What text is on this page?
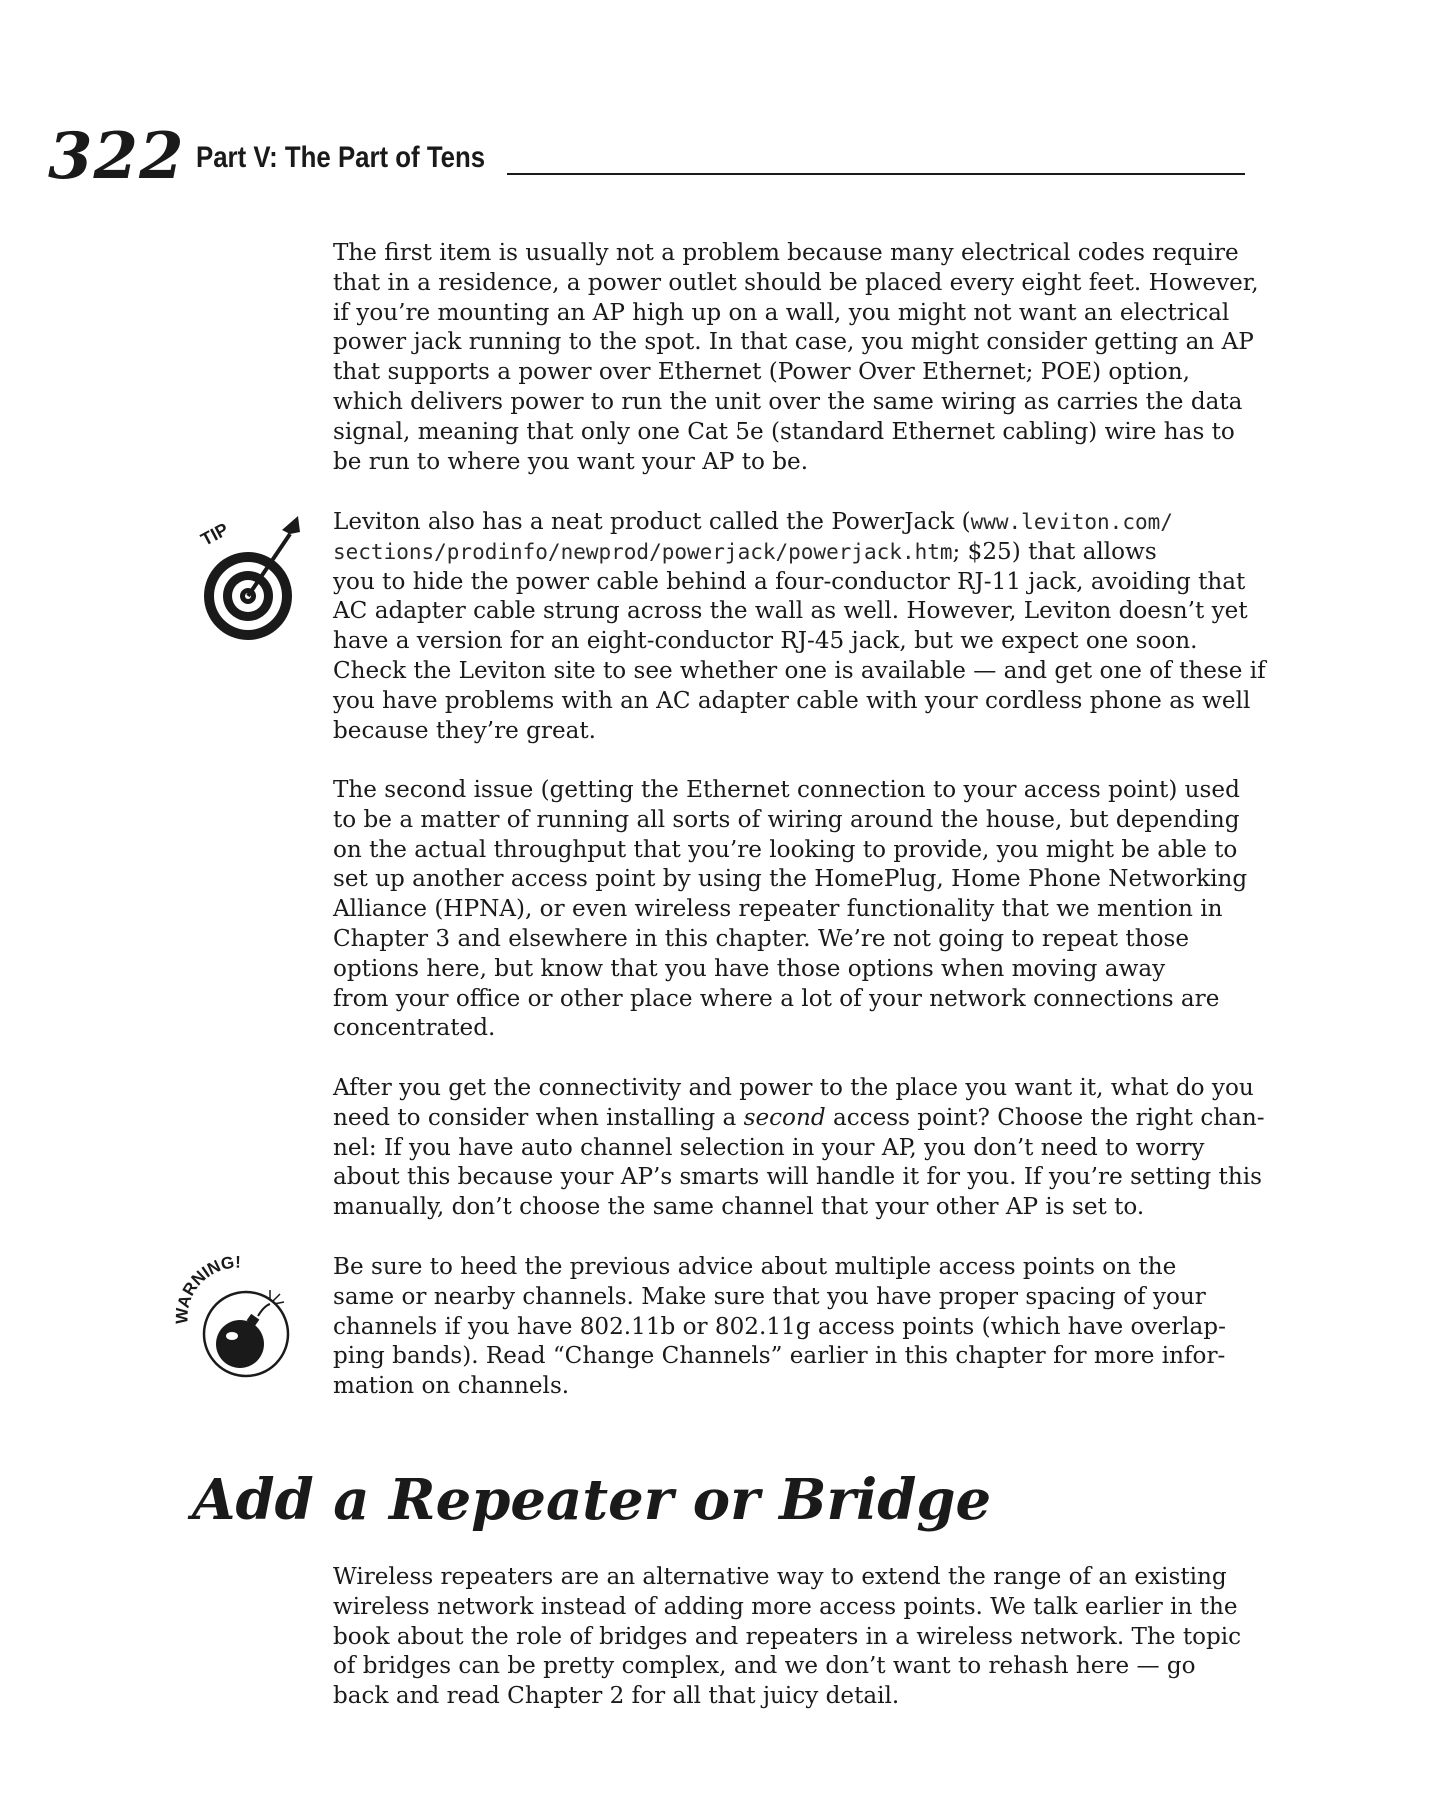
322 Part V: The Part of Tens

The first item is usually not a problem because many electrical codes require
that in a residence, a power outlet should be placed every eight feet. However,
if you’re mounting an AP high up on a wall, you might not want an electrical
power jack running to the spot. In that case, you might consider getting an AP
that supports a power over Ethernet (Power Over Ethernet; POE) option,
which delivers power to run the unit over the same wiring as carries the data
signal, meaning that only one Cat 5e (standard Ethernet cabling) wire has to
be run to where you want your AP to be.

TIP	Leviton also has a neat product called the PowerJack (www.leviton.com/
sections/prodinfo/newprod/powerjack/powerjack.htm; $25) that allows
you to hide the power cable behind a four-conductor RJ-11 jack, avoiding that
AC adapter cable strung across the wall as well. However, Leviton doesn’t yet
have a version for an eight-conductor RJ-45 jack, but we expect one soon.
Check the Leviton site to see whether one is available — and get one of these if
you have problems with an AC adapter cable with your cordless phone as well
because they’re great.

The second issue (getting the Ethernet connection to your access point) used
to be a matter of running all sorts of wiring around the house, but depending
on the actual throughput that you’re looking to provide, you might be able to
set up another access point by using the HomePlug, Home Phone Networking
Alliance (HPNA), or even wireless repeater functionality that we mention in
Chapter 3 and elsewhere in this chapter. We’re not going to repeat those
options here, but know that you have those options when moving away
from your office or other place where a lot of your network connections are
concentrated.

After you get the connectivity and power to the place you want it, what do you
need to consider when installing a second access point? Choose the right chan-
nel: If you have auto channel selection in your AP, you don’t need to worry
about this because your AP’s smarts will handle it for you. If you’re setting this
manually, don’t choose the same channel that your other AP is set to.

WARNING!	Be sure to heed the previous advice about multiple access points on the
same or nearby channels. Make sure that you have proper spacing of your
channels if you have 802.11b or 802.11g access points (which have overlap-
ping bands). Read “Change Channels” earlier in this chapter for more infor-
mation on channels.

Add a Repeater or Bridge

Wireless repeaters are an alternative way to extend the range of an existing
wireless network instead of adding more access points. We talk earlier in the
book about the role of bridges and repeaters in a wireless network. The topic
of bridges can be pretty complex, and we don’t want to rehash here — go
back and read Chapter 2 for all that juicy detail.
